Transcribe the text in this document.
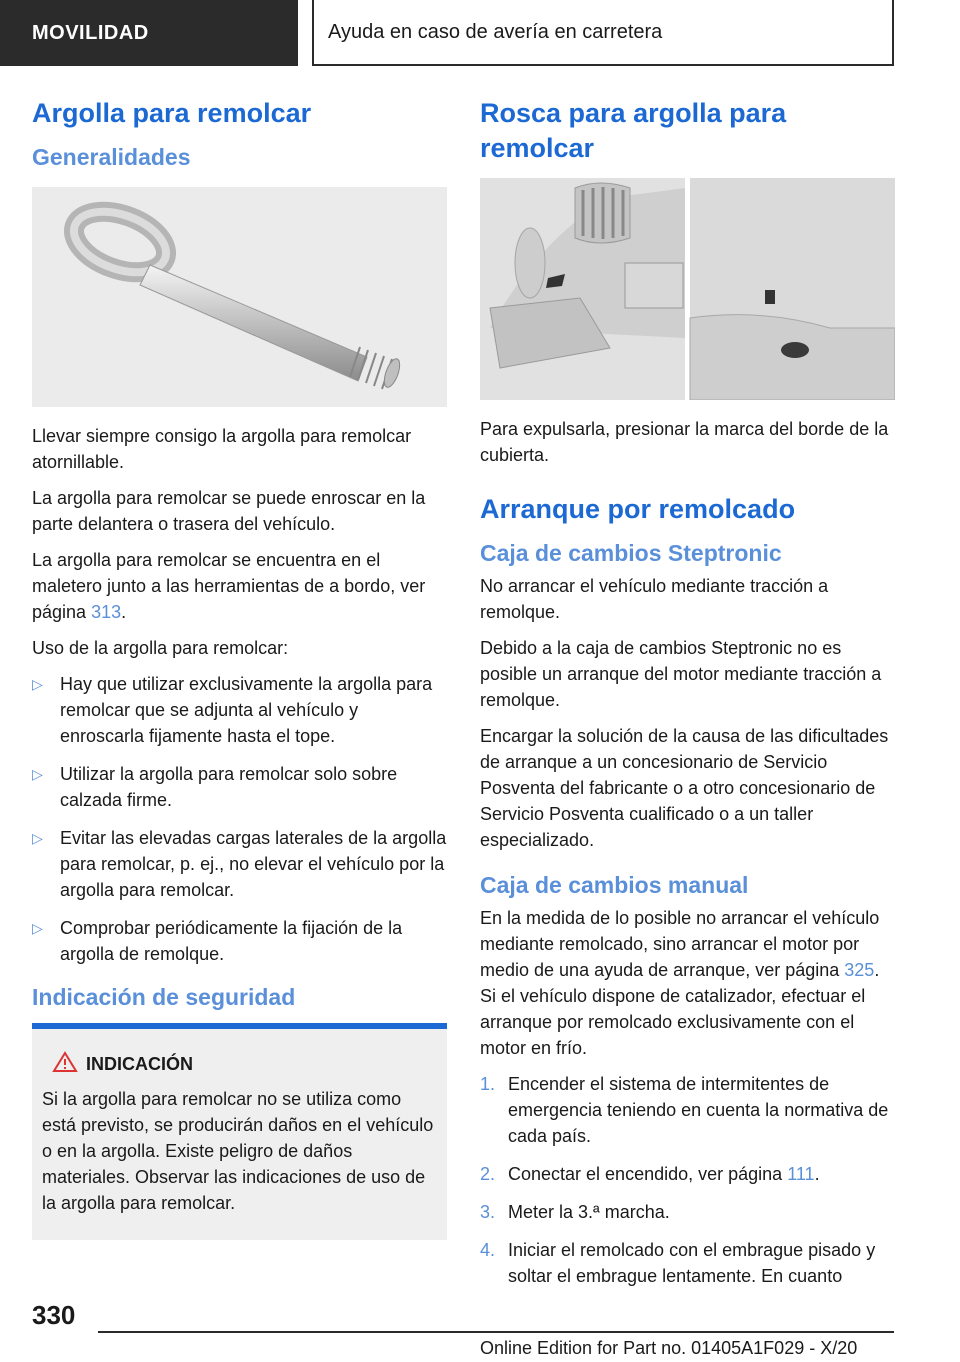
MOVILIDAD	Ayuda en caso de avería en carretera
Argolla para remolcar
Generalidades

Llevar siempre consigo la argolla para remolcar atornillable.

La argolla para remolcar se puede enroscar en la parte delantera o trasera del vehículo.

La argolla para remolcar se encuentra en el maletero junto a las herramientas de a bordo, ver página 313.

Uso de la argolla para remolcar:

▷ Hay que utilizar exclusivamente la argolla para remolcar que se adjunta al vehículo y enroscarla fijamente hasta el tope.
▷ Utilizar la argolla para remolcar solo sobre calzada firme.
▷ Evitar las elevadas cargas laterales de la argolla para remolcar, p. ej., no elevar el vehículo por la argolla para remolcar.
▷ Comprobar periódicamente la fijación de la argolla de remolque.
Indicación de seguridad
INDICACIÓN

Si la argolla para remolcar no se utiliza como está previsto, se producirán daños en el vehículo o en la argolla. Existe peligro de daños materiales. Observar las indicaciones de uso de la argolla para remolcar.

Rosca para argolla para remolcar

Para expulsarla, presionar la marca del borde de la cubierta.

Arranque por remolcado
Caja de cambios Steptronic

No arrancar el vehículo mediante tracción a remolque.

Debido a la caja de cambios Steptronic no es posible un arranque del motor mediante tracción a remolque.

Encargar la solución de la causa de las dificultades de arranque a un concesionario de Servicio Posventa del fabricante o a otro concesionario de Servicio Posventa cualificado o a un taller especializado.

Caja de cambios manual

En la medida de lo posible no arrancar el vehículo mediante remolcado, sino arrancar el motor por medio de una ayuda de arranque, ver página 325. Si el vehículo dispone de catalizador, efectuar el arranque por remolcado exclusivamente con el motor en frío.

1. Encender el sistema de intermitentes de emergencia teniendo en cuenta la normativa de cada país.
2. Conectar el encendido, ver página 111.
3. Meter la 3.ª marcha.
4. Iniciar el remolcado con el embrague pisado y soltar el embrague lentamente. En cuanto
330
Online Edition for Part no. 01405A1F029 - X/20
